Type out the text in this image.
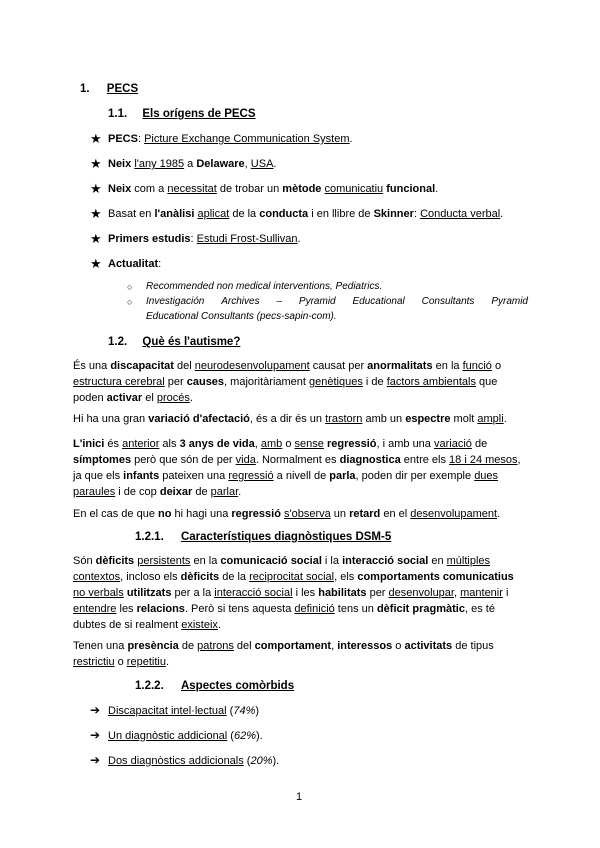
1. PECS
1.1. Els orígens de PECS
★ PECS: Picture Exchange Communication System.
★ Neix l'any 1985 a Delaware, USA.
★ Neix com a necessitat de trobar un mètode comunicatiu funcional.
★ Basat en l'anàlisi aplicat de la conducta i en llibre de Skinner: Conducta verbal.
★ Primers estudis: Estudi Frost-Sullivan.
★ Actualitat:
○ Recommended non medical interventions, Pediatrics.
○ Investigación Archives – Pyramid Educational Consultants Pyramid
Educational Consultants (pecs-sapin-com).
1.2. Què és l'autisme?
És una discapacitat del neurodesenvolupament causat per anormalitats en la funció o
estructura cerebral per causes, majoritàriament genètiques i de factors ambientals que
poden activar el procés.
Hi ha una gran variació d'afectació, és a dir és un trastorn amb un espectre molt ampli.
L'inici és anterior als 3 anys de vida, amb o sense regressió, i amb una variació de
símptomes però que són de per vida. Normalment es diagnostica entre els 18 i 24 mesos,
ja que els infants pateixen una regressió a nivell de parla, poden dir per exemple dues
paraules i de cop deixar de parlar.
En el cas de que no hi hagi una regressió s'observa un retard en el desenvolupament.
1.2.1. Característiques diagnòstiques DSM-5
Són dèficits persistents en la comunicació social i la interacció social en múltiples
contextos, incloso els dèficits de la reciprocitat social, els comportaments comunicatius
no verbals utilitzats per a la interacció social i les habilitats per desenvolupar, mantenir i
entendre les relacions. Però si tens aquesta definició tens un dèficit pragmàtic, es té
dubtes de si realment existeix.
Tenen una presència de patrons del comportament, interessos o activitats de tipus
restrictiu o repetitiu.
1.2.2. Aspectes comòrbids
➔ Discapacitat intel·lectual (74%)
➔ Un diagnòstic addicional (62%).
➔ Dos diagnòstics addicionals (20%).
1
